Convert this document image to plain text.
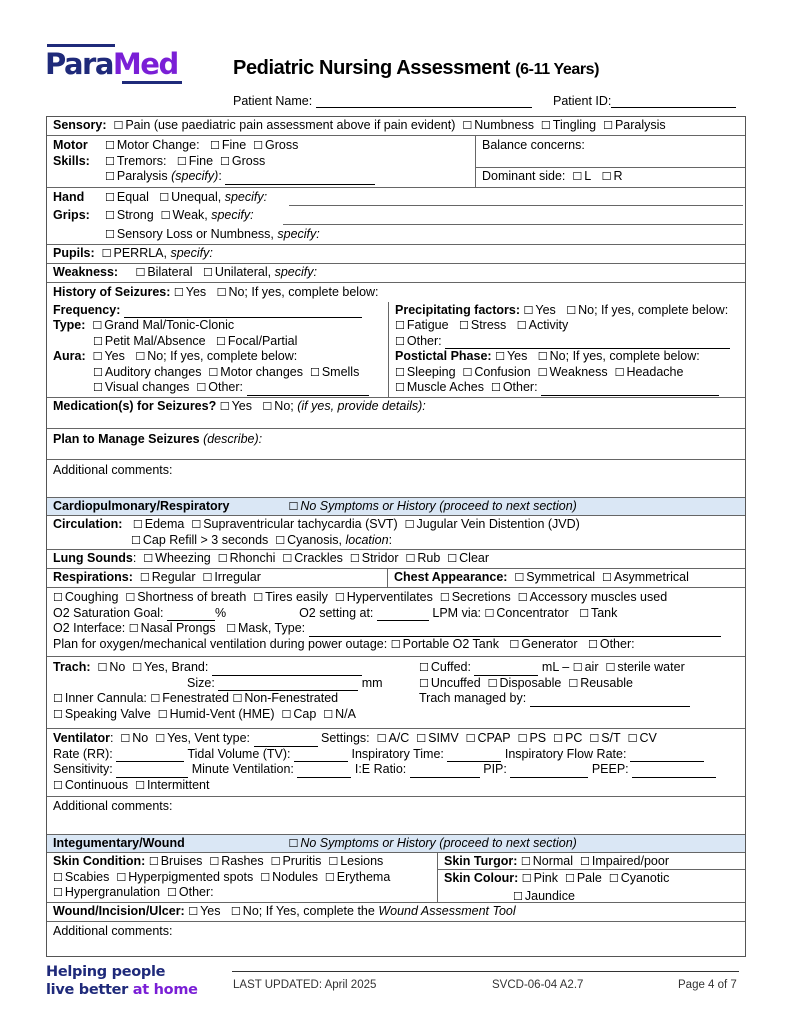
ParaMed	Pediatric Nursing Assessment (6-11 Years)
Patient Name:	Patient ID:
Sensory: ☐ Pain (use paediatric pain assessment above if pain evident) ☐ Numbness ☐ Tingling ☐ Paralysis
Motor	☐ Motor Change:
☐ Fine
☐ Gross
Skills:	☐ Tremors:
☐ Fine
☐ Gross
☐ Paralysis (specify):
Balance concerns:
Dominant side: ☐ L ☐ R
Hand	☐ Equal
☐ Unequal, specify:
Grips:	☐ Strong
☐ Weak, specify:
☐ Sensory Loss or Numbness, specify:
Pupils: ☐ PERRLA, specify:
Weakness: ☐ Bilateral ☐ Unilateral, specify:
History of Seizures: ☐ Yes ☐ No; If yes, complete below:
Frequency:
Type: ☐ Grand Mal/Tonic-Clonic
☐ Petit Mal/Absence ☐ Focal/Partial
Aura: ☐ Yes ☐ No; If yes, complete below:
☐ Auditory changes ☐ Motor changes ☐ Smells
☐ Visual changes ☐ Other:
Precipitating factors: ☐ Yes ☐ No; If yes, complete below:
☐ Fatigue ☐ Stress ☐ Activity
☐ Other:
Postictal Phase: ☐ Yes ☐ No; If yes, complete below:
☐ Sleeping ☐ Confusion ☐ Weakness ☐ Headache
☐ Muscle Aches ☐ Other:
Medication(s) for Seizures? ☐ Yes ☐ No; (if yes, provide details):
Plan to Manage Seizures (describe):
Additional comments:
Cardiopulmonary/Respiratory	☐ No Symptoms or History (proceed to next section)
Circulation: ☐ Edema ☐ Supraventricular tachycardia (SVT) ☐ Jugular Vein Distention (JVD)
☐ Cap Refill > 3 seconds ☐ Cyanosis, location:
Lung Sounds:  ☐ Wheezing ☐ Rhonchi ☐ Crackles ☐ Stridor ☐ Rub ☐ Clear
Respirations: ☐ Regular ☐ Irregular	Chest Appearance: ☐ Symmetrical ☐ Asymmetrical
☐ Coughing ☐ Shortness of breath ☐ Tires easily ☐ Hyperventilates ☐ Secretions ☐ Accessory muscles used
O2 Saturation Goal:	%	O2 setting at:	LPM via: ☐ Concentrator ☐ Tank
O2 Interface: ☐ Nasal Prongs ☐ Mask, Type:
Plan for oxygen/mechanical ventilation during power outage: ☐ Portable O2 Tank ☐ Generator ☐ Other:
Trach: ☐ No ☐ Yes, Brand:
Size:	mm
☐ Inner Cannula: ☐ Fenestrated ☐ Non-Fenestrated
☐ Speaking Valve ☐ Humid-Vent (HME) ☐ Cap ☐ N/A
☐ Cuffed:	mL – ☐ air ☐ sterile water
☐ Uncuffed ☐ Disposable ☐ Reusable
Trach managed by:
Ventilator:  ☐ No ☐ Yes, Vent type:	Settings: ☐ A/C ☐ SIMV ☐ CPAP ☐ PS ☐ PC ☐ S/T ☐ CV
Rate (RR):	Tidal Volume (TV):	Inspiratory Time:	Inspiratory Flow Rate:
Sensitivity:	Minute Ventilation:	I:E Ratio:	PIP:	PEEP:
☐ Continuous ☐ Intermittent
Additional comments:
Integumentary/Wound	☐ No Symptoms or History (proceed to next section)
Skin Condition: ☐ Bruises ☐ Rashes ☐ Pruritis ☐ Lesions
☐ Scabies ☐ Hyperpigmented spots ☐ Nodules ☐ Erythema
☐ Hypergranulation ☐ Other:
Skin Turgor: ☐ Normal ☐ Impaired/poor
Skin Colour: ☐ Pink ☐ Pale ☐ Cyanotic
☐ Jaundice
Wound/Incision/Ulcer: ☐ Yes ☐ No; If Yes, complete the Wound Assessment Tool
Additional comments:
Helping people
live better at home	LAST UPDATED: April 2025	SVCD-06-04 A2.7	Page 4 of 7
